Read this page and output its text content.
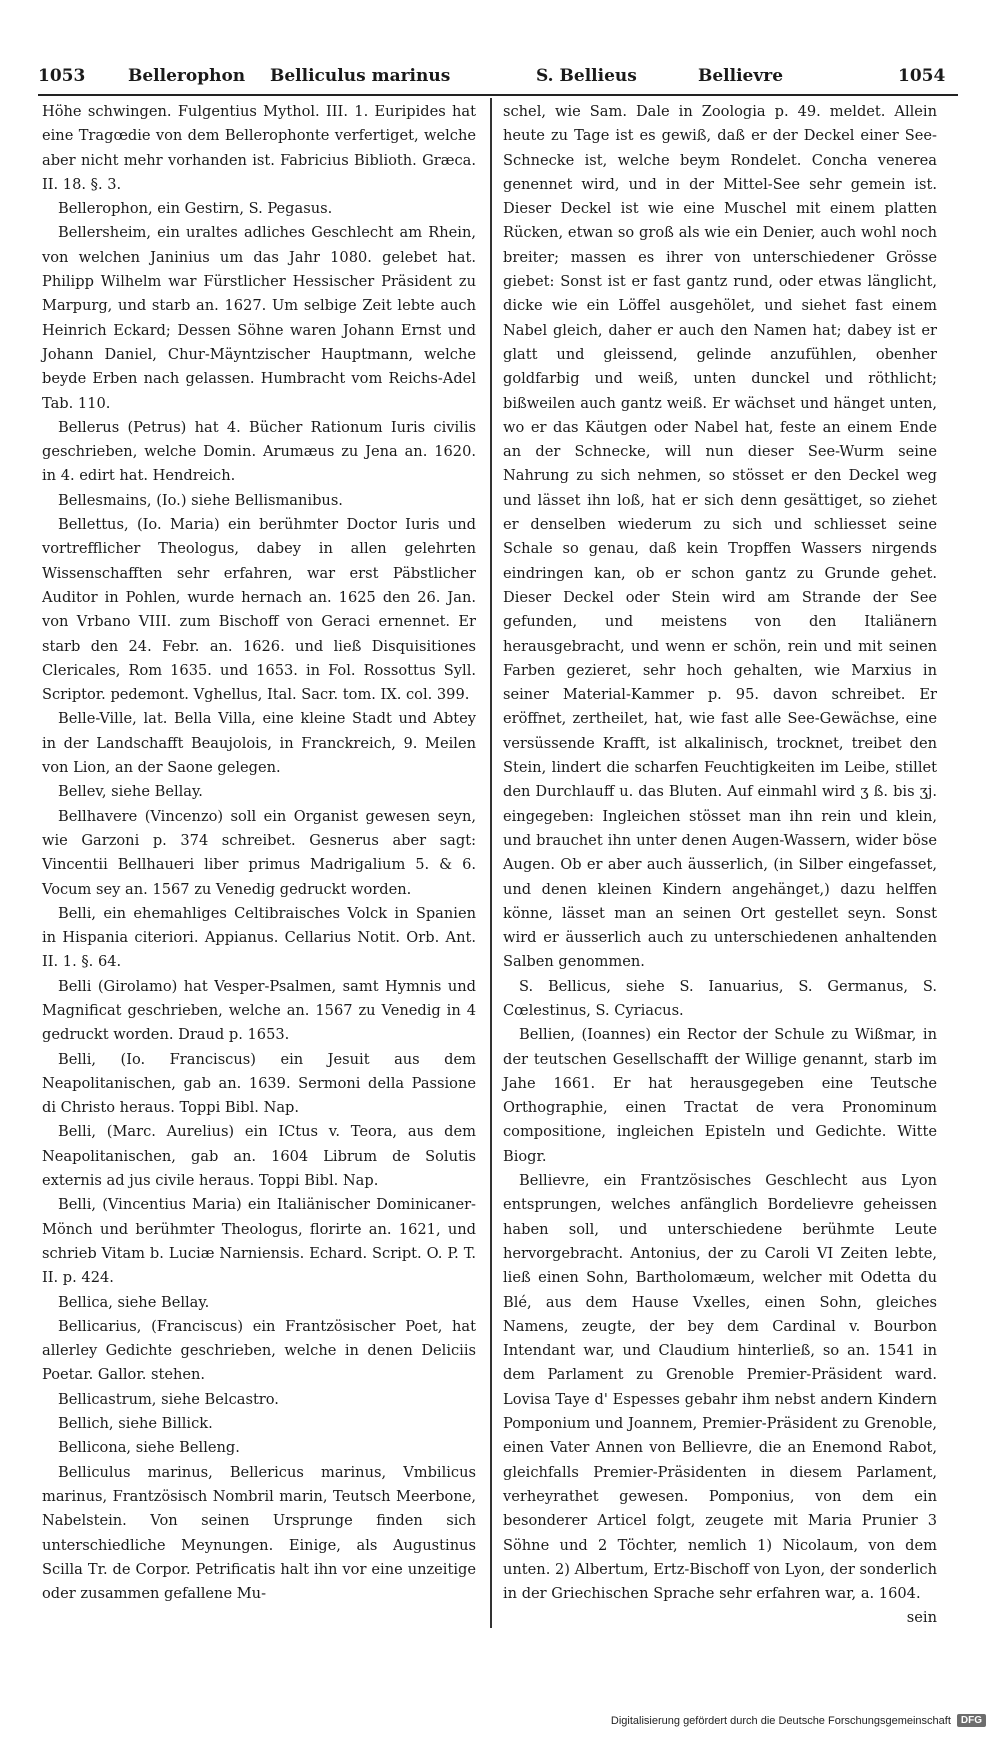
1053	Bellerophon Belliculus marinus	S. Bellieus	Bellievre	1054

Höhe schwingen. Fulgentius Mythol. III. 1. Euripides hat eine Tragœdie von dem Bellerophonte verfertiget, welche aber nicht mehr vorhanden ist. Fabricius Biblioth. Græca. II. 18. §. 3.

Bellerophon, ein Gestirn, S. Pegasus.

Bellersheim, ein uraltes adliches Geschlecht am Rhein, von welchen Janinius um das Jahr 1080. gelebet hat. Philipp Wilhelm war Fürstlicher Hessischer Präsident zu Marpurg, und starb an. 1627. Um selbige Zeit lebte auch Heinrich Eckard; Dessen Söhne waren Johann Ernst und Johann Daniel, Chur-Mäyntzischer Hauptmann, welche beyde Erben nach gelassen. Humbracht vom Reichs-Adel Tab. 110.

Bellerus (Petrus) hat 4. Bücher Rationum Iuris civilis geschrieben, welche Domin. Arumæus zu Jena an. 1620. in 4. edirt hat. Hendreich.

Bellesmains, (Io.) siehe Bellismanibus.

Bellettus, (Io. Maria) ein berühmter Doctor Iuris und vortrefflicher Theologus, dabey in allen gelehrten Wissenschafften sehr erfahren, war erst Päbstlicher Auditor in Pohlen, wurde hernach an. 1625 den 26. Jan. von Vrbano VIII. zum Bischoff von Geraci ernennet. Er starb den 24. Febr. an. 1626. und ließ Disquisitiones Clericales, Rom 1635. und 1653. in Fol. Rossottus Syll. Scriptor. pedemont. Vghellus, Ital. Sacr. tom. IX. col. 399.

Belle-Ville, lat. Bella Villa, eine kleine Stadt und Abtey in der Landschafft Beaujolois, in Franckreich, 9. Meilen von Lion, an der Saone gelegen.

Bellev, siehe Bellay.

Bellhavere (Vincenzo) soll ein Organist gewesen seyn, wie Garzoni p. 374 schreibet. Gesnerus aber sagt: Vincentii Bellhaueri liber primus Madrigalium 5. & 6. Vocum sey an. 1567 zu Venedig gedruckt worden.

Belli, ein ehemahliges Celtibraisches Volck in Spanien in Hispania citeriori. Appianus. Cellarius Notit. Orb. Ant. II. 1. §. 64.

Belli (Girolamo) hat Vesper-Psalmen, samt Hymnis und Magnificat geschrieben, welche an. 1567 zu Venedig in 4 gedruckt worden. Draud p. 1653.

Belli, (Io. Franciscus) ein Jesuit aus dem Neapolitanischen, gab an. 1639. Sermoni della Passione di Christo heraus. Toppi Bibl. Nap.

Belli, (Marc. Aurelius) ein ICtus v. Teora, aus dem Neapolitanischen, gab an. 1604 Librum de Solutis externis ad jus civile heraus. Toppi Bibl. Nap.

Belli, (Vincentius Maria) ein Italiänischer Dominicaner-Mönch und berühmter Theologus, florirte an. 1621, und schrieb Vitam b. Luciæ Narniensis. Echard. Script. O. P. T. II. p. 424.

Bellica, siehe Bellay.

Bellicarius, (Franciscus) ein Frantzösischer Poet, hat allerley Gedichte geschrieben, welche in denen Deliciis Poetar. Gallor. stehen.

Bellicastrum, siehe Belcastro.

Bellich, siehe Billick.

Bellicona, siehe Belleng.

Belliculus marinus, Bellericus marinus, Vmbilicus marinus, Frantzösisch Nombril marin, Teutsch Meerbone, Nabelstein. Von seinen Ursprunge finden sich unterschiedliche Meynungen. Einige, als Augustinus Scilla Tr. de Corpor. Petrificatis halt ihn vor eine unzeitige oder zusammen gefallene Mu-

schel, wie Sam. Dale in Zoologia p. 49. meldet. Allein heute zu Tage ist es gewiß, daß er der Deckel einer See-Schnecke ist, welche beym Rondelet. Concha venerea genennet wird, und in der Mittel-See sehr gemein ist. Dieser Deckel ist wie eine Muschel mit einem platten Rücken, etwan so groß als wie ein Denier, auch wohl noch breiter; massen es ihrer von unterschiedener Grösse giebet: Sonst ist er fast gantz rund, oder etwas länglicht, dicke wie ein Löffel ausgehölet, und siehet fast einem Nabel gleich, daher er auch den Namen hat; dabey ist er glatt und gleissend, gelinde anzufühlen, obenher goldfarbig und weiß, unten dunckel und röthlicht; bißweilen auch gantz weiß. Er wächset und hänget unten, wo er das Käutgen oder Nabel hat, feste an einem Ende an der Schnecke, will nun dieser See-Wurm seine Nahrung zu sich nehmen, so stösset er den Deckel weg und lässet ihn loß, hat er sich denn gesättiget, so ziehet er denselben wiederum zu sich und schliesset seine Schale so genau, daß kein Tropffen Wassers nirgends eindringen kan, ob er schon gantz zu Grunde gehet. Dieser Deckel oder Stein wird am Strande der See gefunden, und meistens von den Italiänern herausgebracht, und wenn er schön, rein und mit seinen Farben gezieret, sehr hoch gehalten, wie Marxius in seiner Material-Kammer p. 95. davon schreibet. Er eröffnet, zertheilet, hat, wie fast alle See-Gewächse, eine versüssende Krafft, ist alkalinisch, trocknet, treibet den Stein, lindert die scharfen Feuchtigkeiten im Leibe, stillet den Durchlauff u. das Bluten. Auf einmahl wird ʒ ß. bis ʒj. eingegeben: Ingleichen stösset man ihn rein und klein, und brauchet ihn unter denen Augen-Wassern, wider böse Augen. Ob er aber auch äusserlich, (in Silber eingefasset, und denen kleinen Kindern angehänget,) dazu helffen könne, lässet man an seinen Ort gestellet seyn. Sonst wird er äusserlich auch zu unterschiedenen anhaltenden Salben genommen.

S. Bellicus, siehe S. Ianuarius, S. Germanus, S. Cœlestinus, S. Cyriacus.

Bellien, (Ioannes) ein Rector der Schule zu Wißmar, in der teutschen Gesellschafft der Willige genannt, starb im Jahe 1661. Er hat herausgegeben eine Teutsche Orthographie, einen Tractat de vera Pronominum compositione, ingleichen Episteln und Gedichte. Witte Biogr.

Bellievre, ein Frantzösisches Geschlecht aus Lyon entsprungen, welches anfänglich Bordelievre geheissen haben soll, und unterschiedene berühmte Leute hervorgebracht. Antonius, der zu Caroli VI Zeiten lebte, ließ einen Sohn, Bartholomæum, welcher mit Odetta du Blé, aus dem Hause Vxelles, einen Sohn, gleiches Namens, zeugte, der bey dem Cardinal v. Bourbon Intendant war, und Claudium hinterließ, so an. 1541 in dem Parlament zu Grenoble Premier-Präsident ward. Lovisa Taye d' Espesses gebahr ihm nebst andern Kindern Pomponium und Joannem, Premier-Präsident zu Grenoble, einen Vater Annen von Bellievre, die an Enemond Rabot, gleichfalls Premier-Präsidenten in diesem Parlament, verheyrathet gewesen. Pomponius, von dem ein besonderer Articel folgt, zeugete mit Maria Prunier 3 Söhne und 2 Töchter, nemlich 1) Nicolaum, von dem unten. 2) Albertum, Ertz-Bischoff von Lyon, der sonderlich in der Griechischen Sprache sehr erfahren war, a. 1604.

sein

Digitalisierung gefördert durch die Deutsche Forschungsgemeinschaft	DFG
